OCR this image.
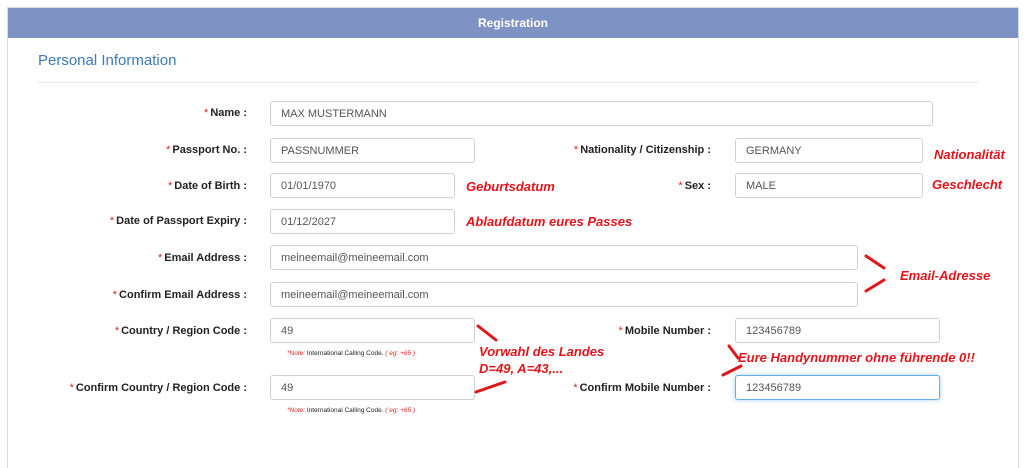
Registration
Personal Information
* Name :
MAX MUSTERMANN
* Passport No. :
PASSNUMMER	* Nationality / Citizenship :
GERMANY	Nationalität
* Date of Birth :
01/01/1970	Geburtsdatum	* Sex :
MALE	Geschlecht
* Date of Passport Expiry :
01/12/2027	Ablaufdatum eures Passes
* Email Address :
meineemail@meineemail.com
* Confirm Email Address :
meineemail@meineemail.com
Email-Adresse
* Country / Region Code :
49
*Note: International Calling Code. ( eg: +65 )
* Mobile Number :
123456789
Vorwahl des Landes
D=49, A=43,...
Eure Handynummer ohne führende 0!!
* Confirm Country / Region Code :
49
*Note: International Calling Code. ( eg: +65 )
* Confirm Mobile Number :
123456789
